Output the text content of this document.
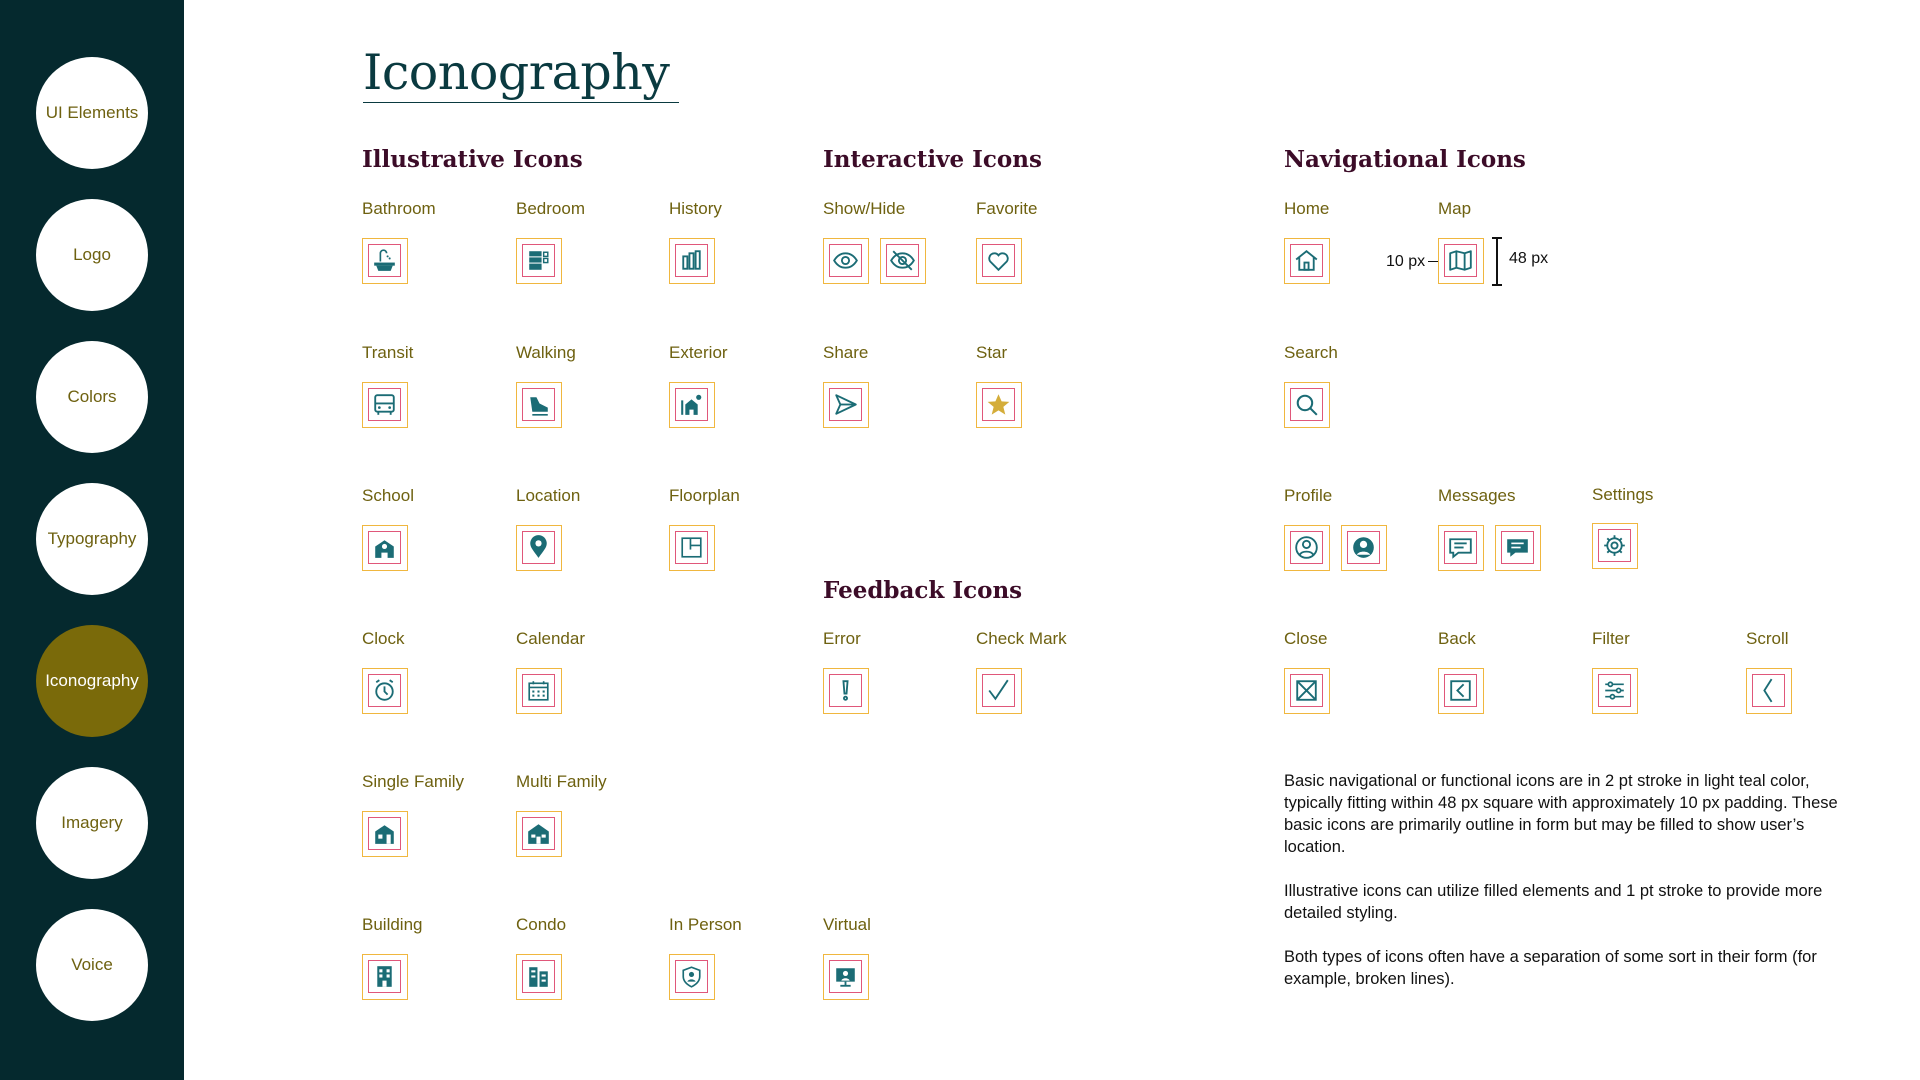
UI Elements
Logo
Colors
Typography
Iconography
Imagery
Voice
Iconography
Illustrative Icons	Interactive Icons
Feedback Icons
Navigational Icons
Bathroom	Bedroom	History
Transit	Walking	Exterior
School	Location	Floorplan
Clock	Calendar
Single Family	Multi Family
Building	Condo	In Person	Virtual
Show/Hide	Favorite
Share	Star
Error	Check Mark
Home	Map
10 px	48 px
Search
Profile	Messages	Settings
Close	Back	Filter	Scroll

Basic navigational or functional icons are in 2 pt stroke in light teal color, typically fitting within 48 px square with approximately 10 px padding. These basic icons are primarily outline in form but may be filled to show user’s location.

Illustrative icons can utilize filled elements and 1 pt stroke to provide more detailed styling.

Both types of icons often have a separation of some sort in their form (for example, broken lines).
